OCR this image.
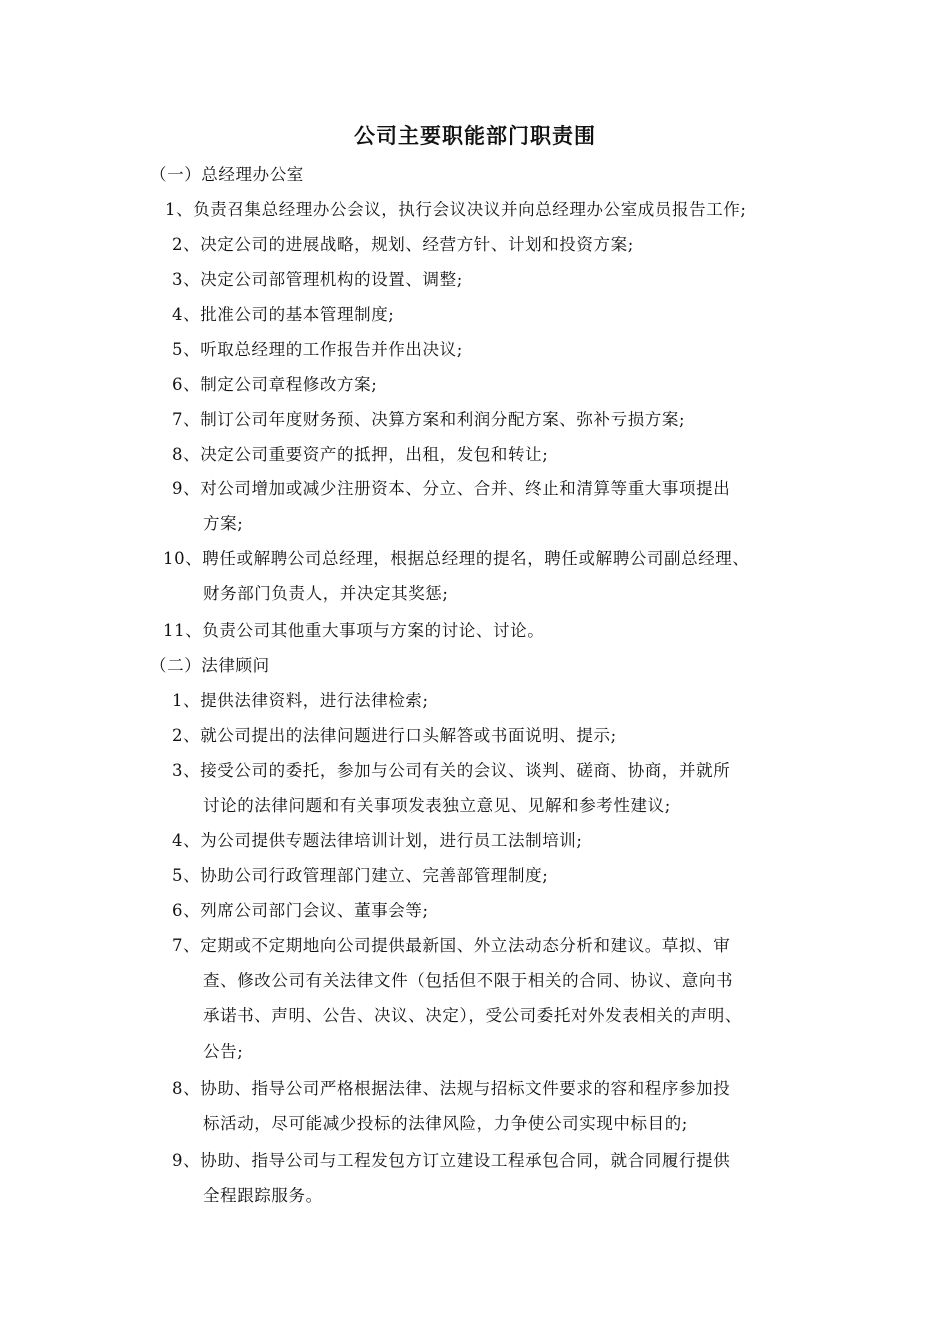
公司主要职能部门职责围
（一）总经理办公室
1、负责召集总经理办公会议，执行会议决议并向总经理办公室成员报告工作;
2、决定公司的进展战略，规划、经营方针、计划和投资方案;
3、决定公司部管理机构的设置、调整;
4、批准公司的基本管理制度;
5、听取总经理的工作报告并作出决议;
6、制定公司章程修改方案;
7、制订公司年度财务预、决算方案和利润分配方案、弥补亏损方案;
8、决定公司重要资产的抵押，出租，发包和转让;
9、对公司增加或减少注册资本、分立、合并、终止和清算等重大事项提出
方案;
10、聘任或解聘公司总经理，根据总经理的提名，聘任或解聘公司副总经理、
财务部门负责人，并决定其奖惩;
11、负责公司其他重大事项与方案的讨论、讨论。
（二）法律顾问
1、提供法律资料，进行法律检索;
2、就公司提出的法律问题进行口头解答或书面说明、提示;
3、接受公司的委托，参加与公司有关的会议、谈判、磋商、协商，并就所
讨论的法律问题和有关事项发表独立意见、见解和参考性建议;
4、为公司提供专题法律培训计划，进行员工法制培训;
5、协助公司行政管理部门建立、完善部管理制度;
6、列席公司部门会议、董事会等;
7、定期或不定期地向公司提供最新国、外立法动态分析和建议。草拟、审
查、修改公司有关法律文件（包括但不限于相关的合同、协议、意向书
承诺书、声明、公告、决议、决定），受公司委托对外发表相关的声明、
公告;
8、协助、指导公司严格根据法律、法规与招标文件要求的容和程序参加投
标活动，尽可能减少投标的法律风险，力争使公司实现中标目的;
9、协助、指导公司与工程发包方订立建设工程承包合同，就合同履行提供
全程跟踪服务。
